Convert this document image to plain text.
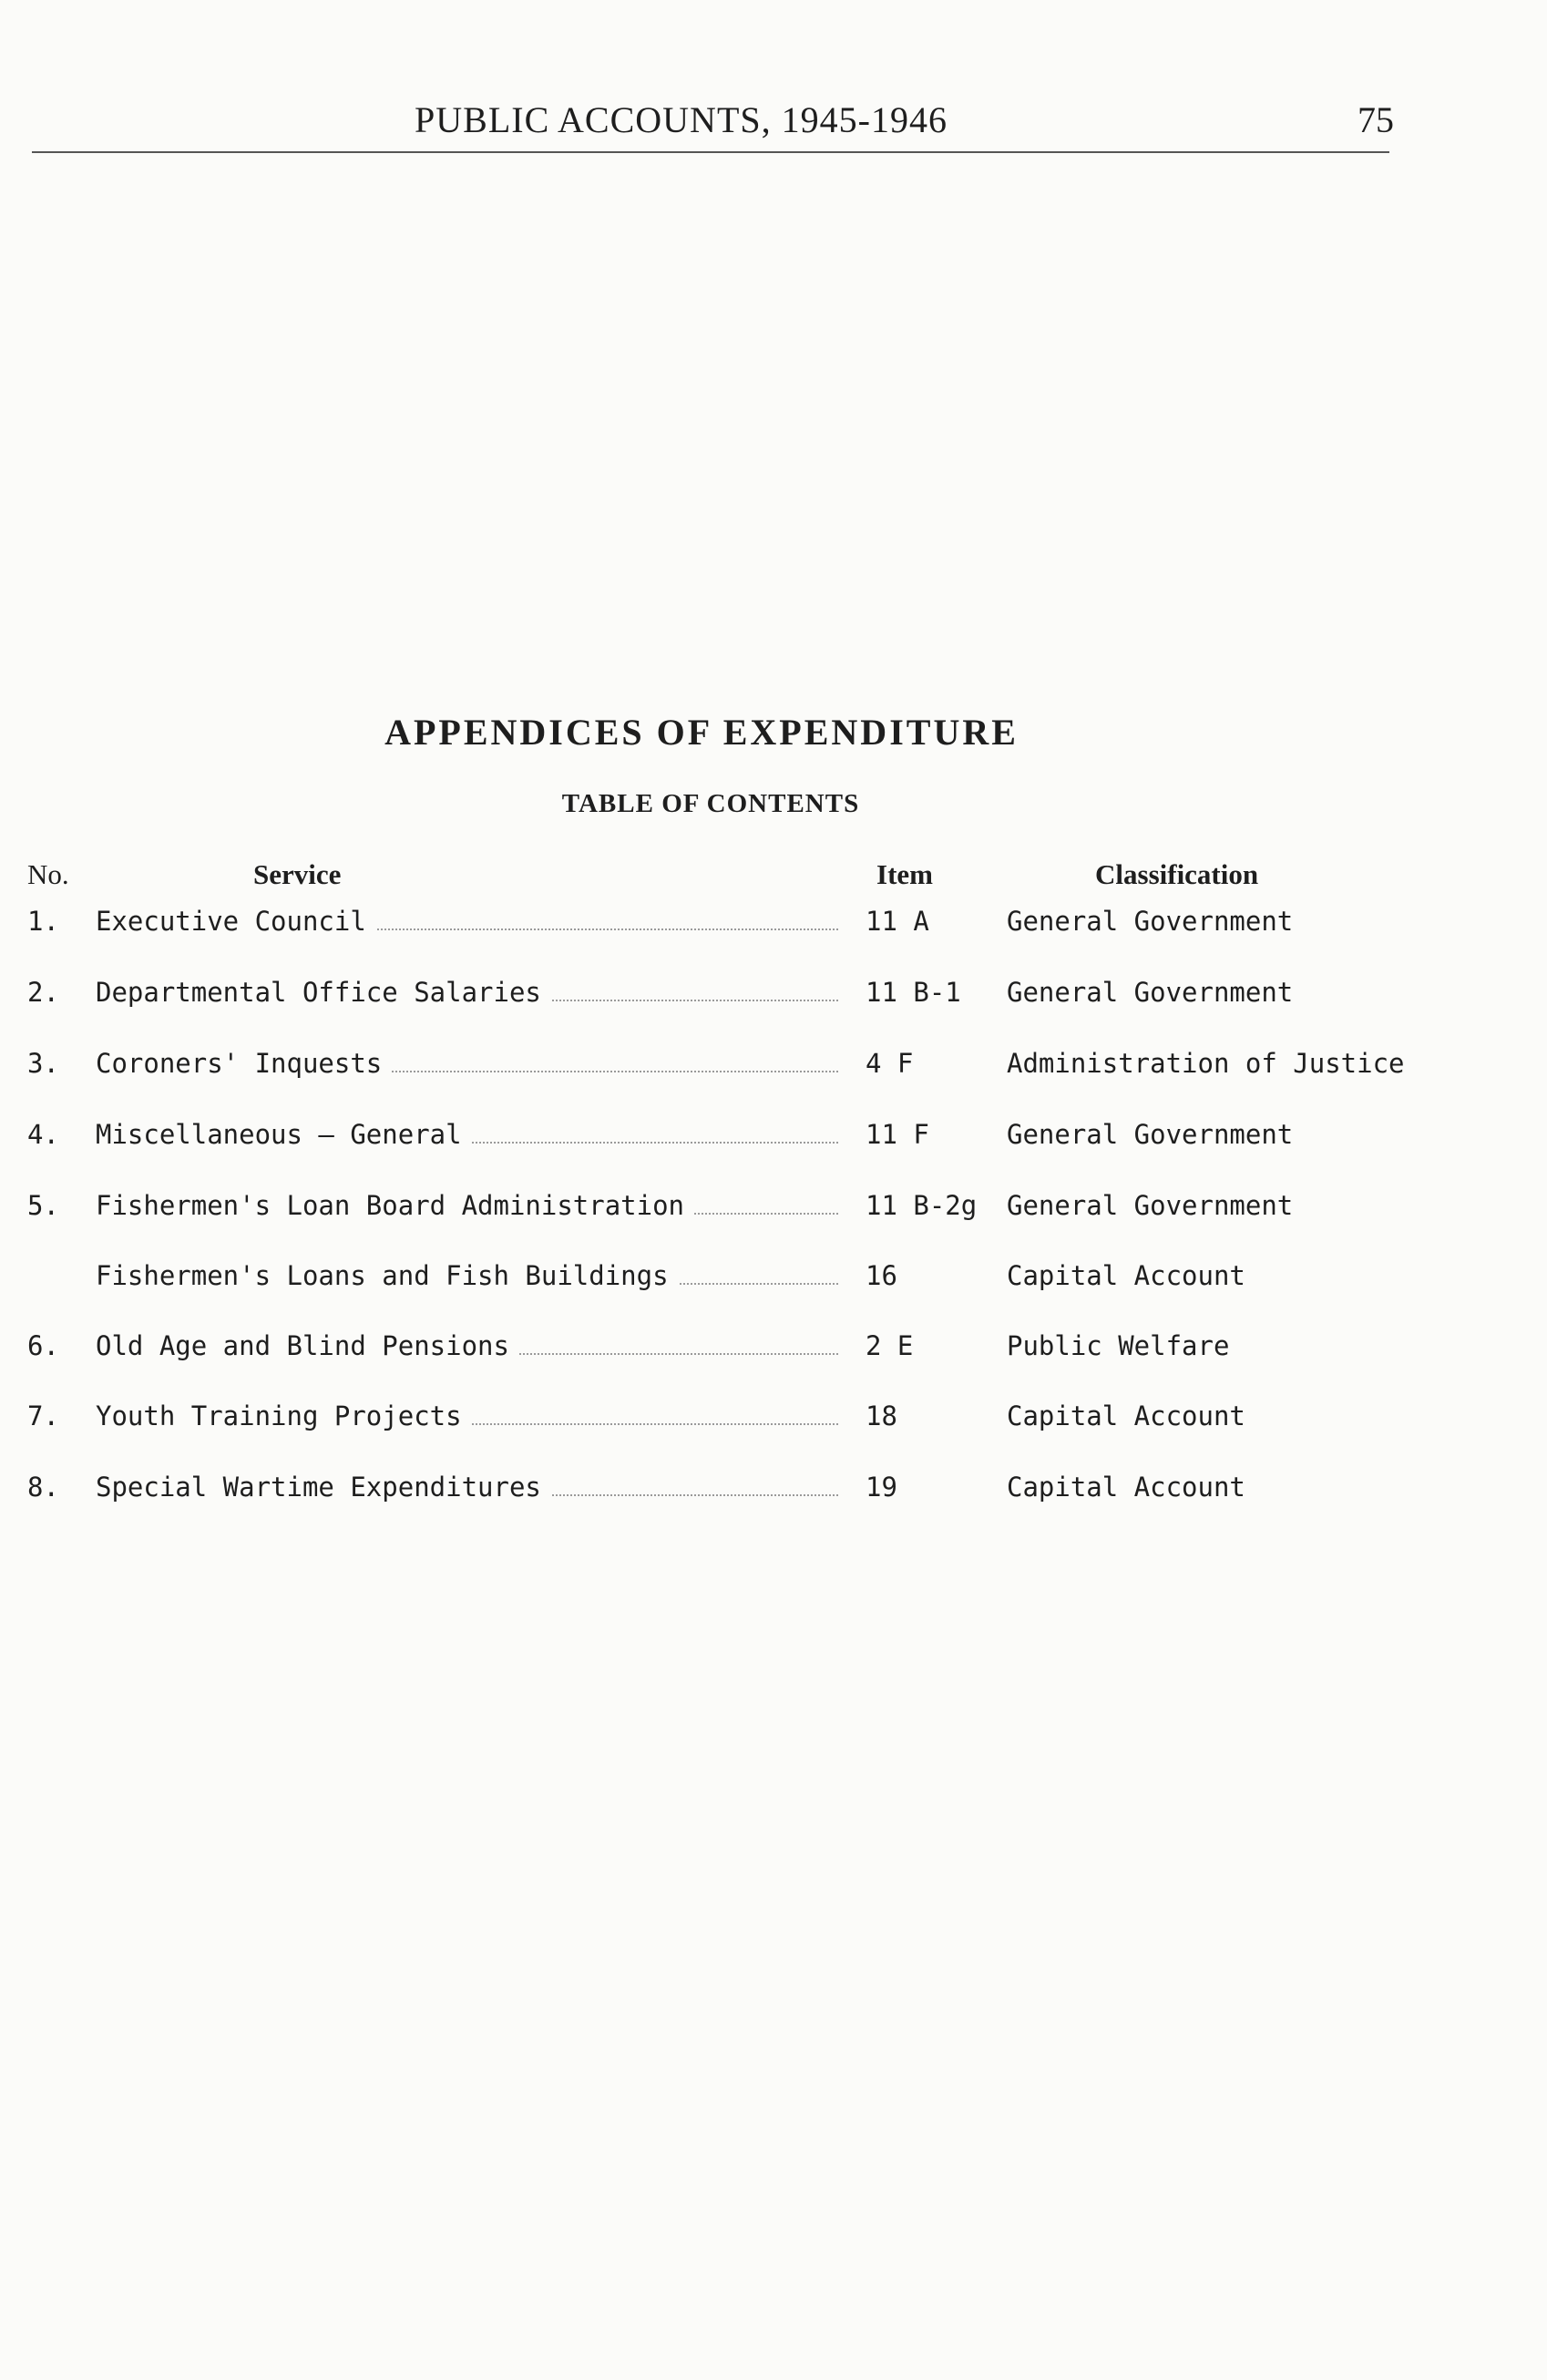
PUBLIC ACCOUNTS, 1945-1946	75
APPENDICES OF EXPENDITURE
TABLE OF CONTENTS
No.	Service	Item	Classification
1. Executive Council	11 A	General Government
2. Departmental Office Salaries	11 B-1	General Government
3. Coroners' Inquests	4 F	Administration of Justice
4. Miscellaneous — General	11 F	General Government
5. Fishermen's Loan Board Administration	11 B-2g General Government
Fishermen's Loans and Fish Buildings	16	Capital Account
6. Old Age and Blind Pensions	2 E	Public Welfare
7. Youth Training Projects	18	Capital Account
8. Special Wartime Expenditures	19	Capital Account
